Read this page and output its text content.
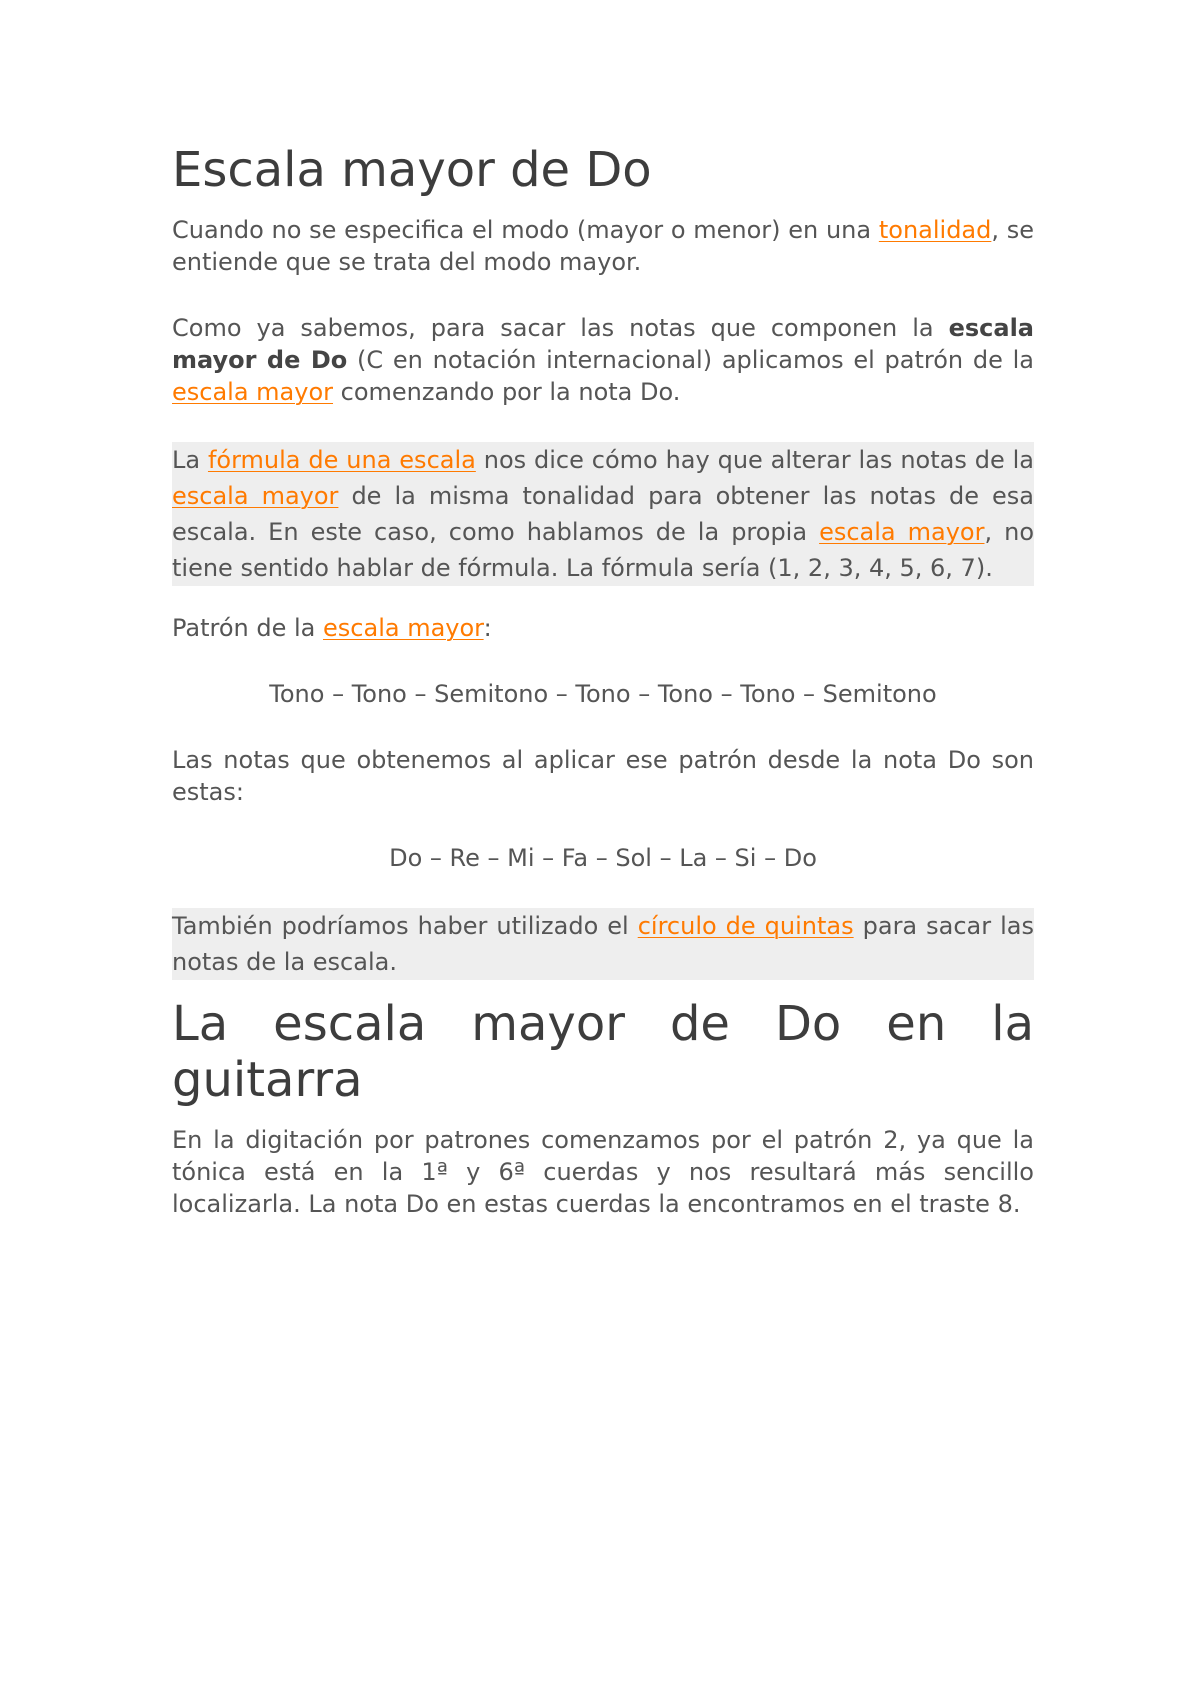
Escala mayor de Do

Cuando no se especifica el modo (mayor o menor) en una tonalidad, se entiende que se trata del modo mayor.

Como ya sabemos, para sacar las notas que componen la escala mayor de Do (C en notación internacional) aplicamos el patrón de la escala mayor comenzando por la nota Do.

La fórmula de una escala nos dice cómo hay que alterar las notas de la escala mayor de la misma tonalidad para obtener las notas de esa escala. En este caso, como hablamos de la propia escala mayor, no tiene sentido hablar de fórmula. La fórmula sería (1, 2, 3, 4, 5, 6, 7).

Patrón de la escala mayor:

Tono – Tono – Semitono – Tono – Tono – Tono – Semitono

Las notas que obtenemos al aplicar ese patrón desde la nota Do son estas:

Do – Re – Mi – Fa – Sol – La – Si – Do

También podríamos haber utilizado el círculo de quintas para sacar las notas de la escala.

La escala mayor de Do en la guitarra

En la digitación por patrones comenzamos por el patrón 2, ya que la tónica está en la 1ª y 6ª cuerdas y nos resultará más sencillo localizarla. La nota Do en estas cuerdas la encontramos en el traste 8.
